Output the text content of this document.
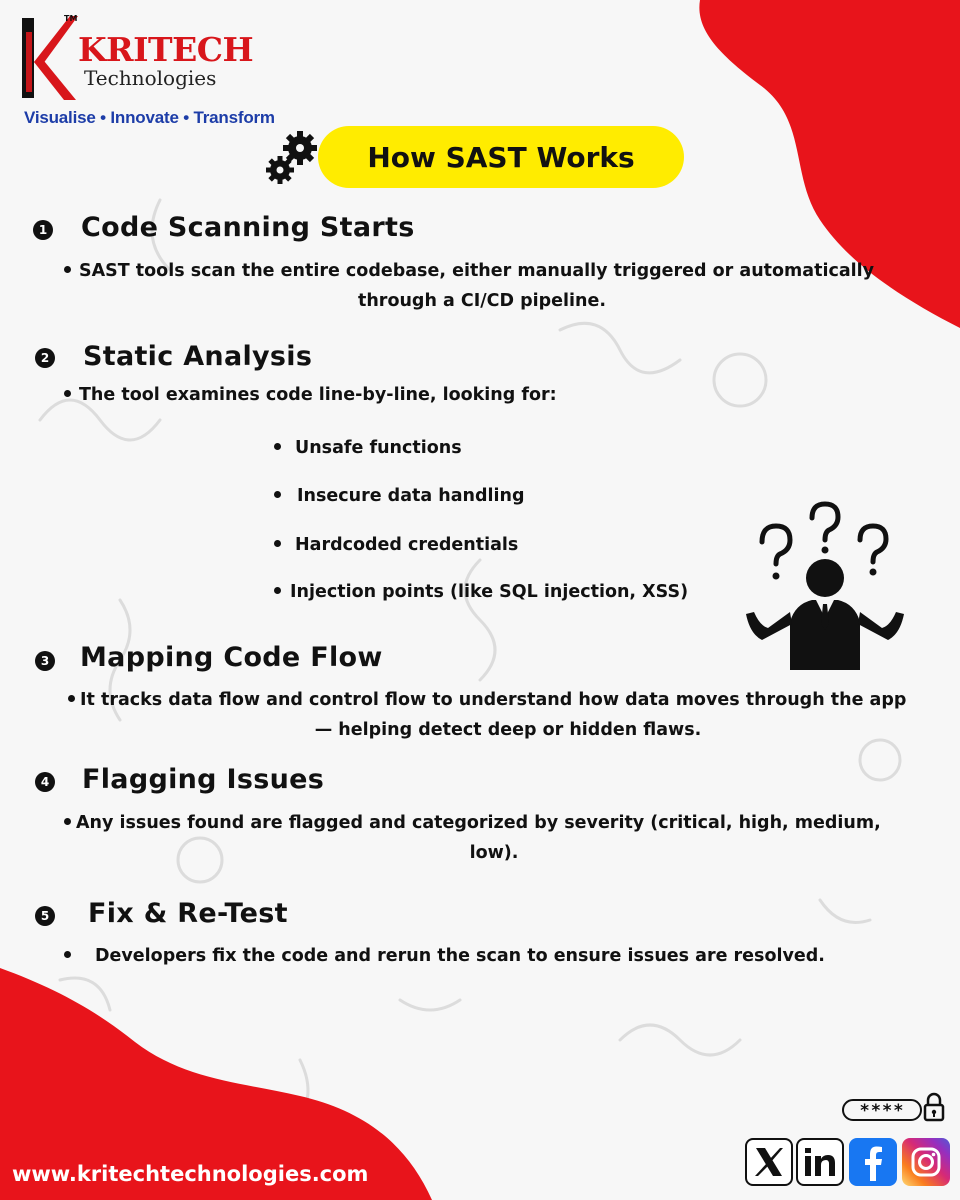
TM
KRITECH
Technologies
Visualise • Innovate • Transform
How SAST Works
1 Code Scanning Starts
SAST tools scan the entire codebase, either manually triggered or automatically
through a CI/CD pipeline.
2 Static Analysis
The tool examines code line-by-line, looking for:
Unsafe functions
Insecure data handling
Hardcoded credentials
Injection points (like SQL injection, XSS)
3 Mapping Code Flow
It tracks data flow and control flow to understand how data moves through the app
— helping detect deep or hidden flaws.
4 Flagging Issues
Any issues found are flagged and categorized by severity (critical, high, medium,
low).
5 Fix & Re-Test
Developers fix the code and rerun the scan to ensure issues are resolved.
www.kritechtechnologies.com
****
